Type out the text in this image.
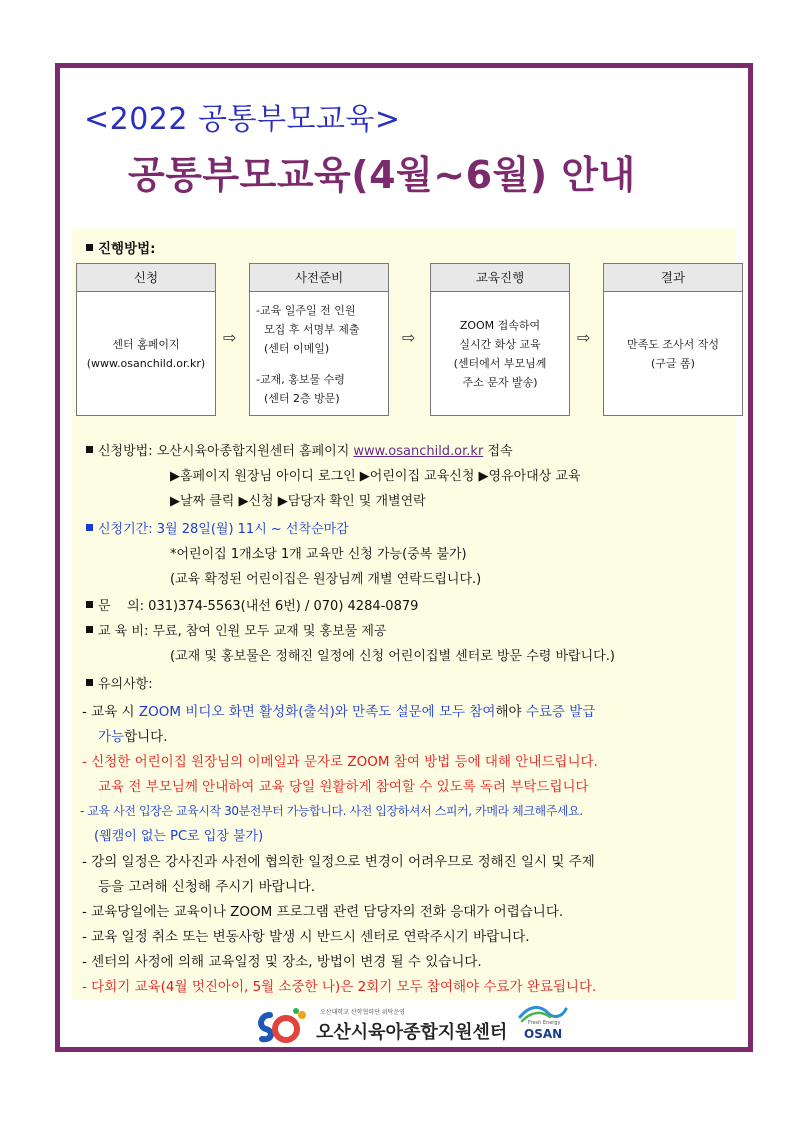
<2022 공통부모교육>
공통부모교육(4월~6월) 안내
진행방법:
신청
센터 홈페이지
(www.osanchild.or.kr)
⇨
사전준비
-교육 일주일 전 인원
모집 후 서명부 제출
(센터 이메일)
-교재, 홍보물 수령
(센터 2층 방문)
⇨
교육진행
ZOOM 접속하여
실시간 화상 교육
(센터에서 부모님께
주소 문자 발송)
⇨
결과
만족도 조사서 작성
(구글 폼)
신청방법: 오산시육아종합지원센터 홈페이지 www.osanchild.or.kr 접속
▶홈페이지 원장님 아이디 로그인 ▶어린이집 교육신청 ▶영유아대상 교육
▶날짜 클릭 ▶신청 ▶담당자 확인 및 개별연락
신청기간: 3월 28일(월) 11시 ~ 선착순마감
*어린이집 1개소당 1개 교육만 신청 가능(중복 불가)
(교육 확정된 어린이집은 원장님께 개별 연락드립니다.)
문    의: 031)374-5563(내선 6번) / 070) 4284-0879
교 육 비: 무료, 참여 인원 모두 교재 및 홍보물 제공
(교재 및 홍보물은 정해진 일정에 신청 어린이집별 센터로 방문 수령 바랍니다.)
유의사항:
- 교육 시 ZOOM 비디오 화면 활성화(출석)와 만족도 설문에 모두 참여해야 수료증 발급
가능합니다.
- 신청한 어린이집 원장님의 이메일과 문자로 ZOOM 참여 방법 등에 대해 안내드립니다.
교육 전 부모님께 안내하여 교육 당일 원활하게 참여할 수 있도록 독려 부탁드립니다
- 교육 사전 입장은 교육시작 30분전부터 가능합니다. 사전 입장하셔서 스피커, 카메라 체크해주세요.
(웹캠이 없는 PC로 입장 불가)
- 강의 일정은 강사진과 사전에 협의한 일정으로 변경이 어려우므로 정해진 일시 및 주제
등을 고려해 신청해 주시기 바랍니다.
- 교육당일에는 교육이나 ZOOM 프로그램 관련 담당자의 전화 응대가 어렵습니다.
- 교육 일정 취소 또는 변동사항 발생 시 반드시 센터로 연락주시기 바랍니다.
- 센터의 사정에 의해 교육일정 및 장소, 방법이 변경 될 수 있습니다.
- 다회기 교육(4월 멋진아이, 5월 소중한 나)은 2회기 모두 참여해야 수료가 완료됩니다.
오산대학교 산학협력단 위탁운영
오산시육아종합지원센터	Fresh Energy
OSAN
